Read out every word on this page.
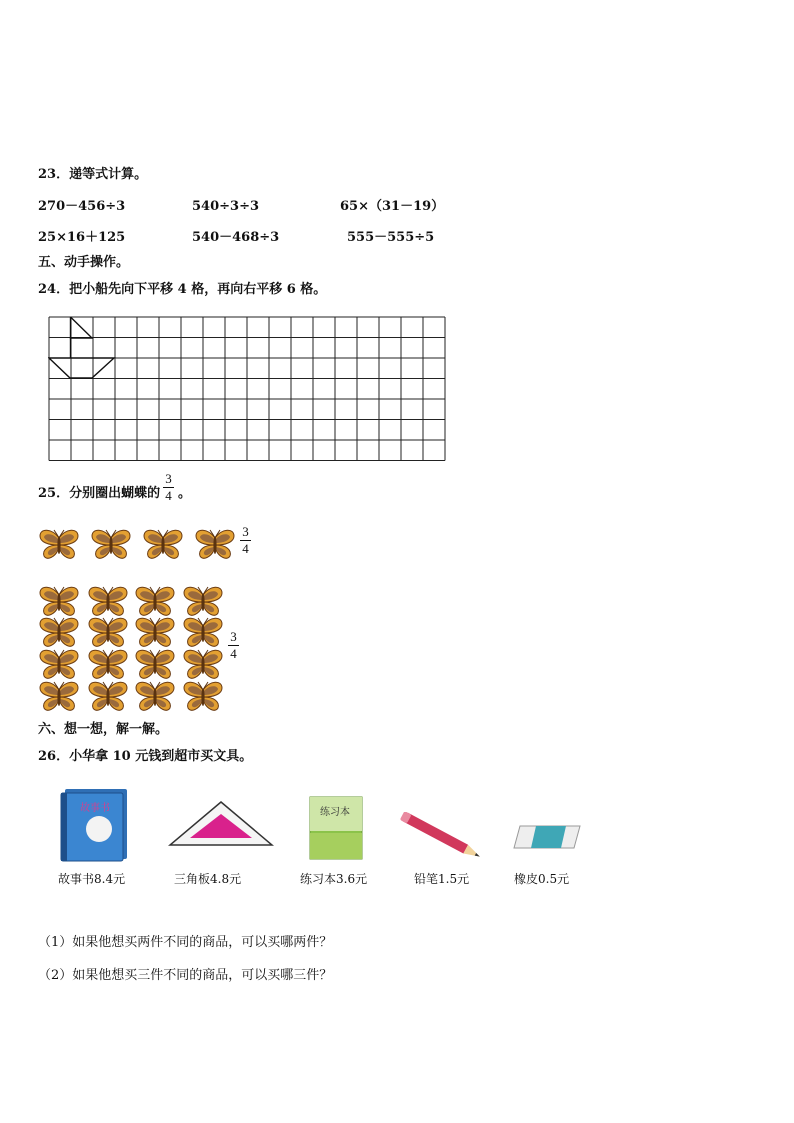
23．递等式计算。
270－456÷3	540÷3÷3	65×（31－19）
25×16＋125	540－468÷3	555－555÷5
五、动手操作。
24．把小船先向下平移 4 格，再向右平移 6 格。
25．分别圈出蝴蝶的
3
4 。
3
4
3
4
六、想一想，解一解。
26．小华拿 10 元钱到超市买文具。
故事书
故事书8.4元	三角板4.8元
练习本
练习本3.6元	铅笔1.5元	橡皮0.5元
（1）如果他想买两件不同的商品，可以买哪两件？
（2）如果他想买三件不同的商品，可以买哪三件？
